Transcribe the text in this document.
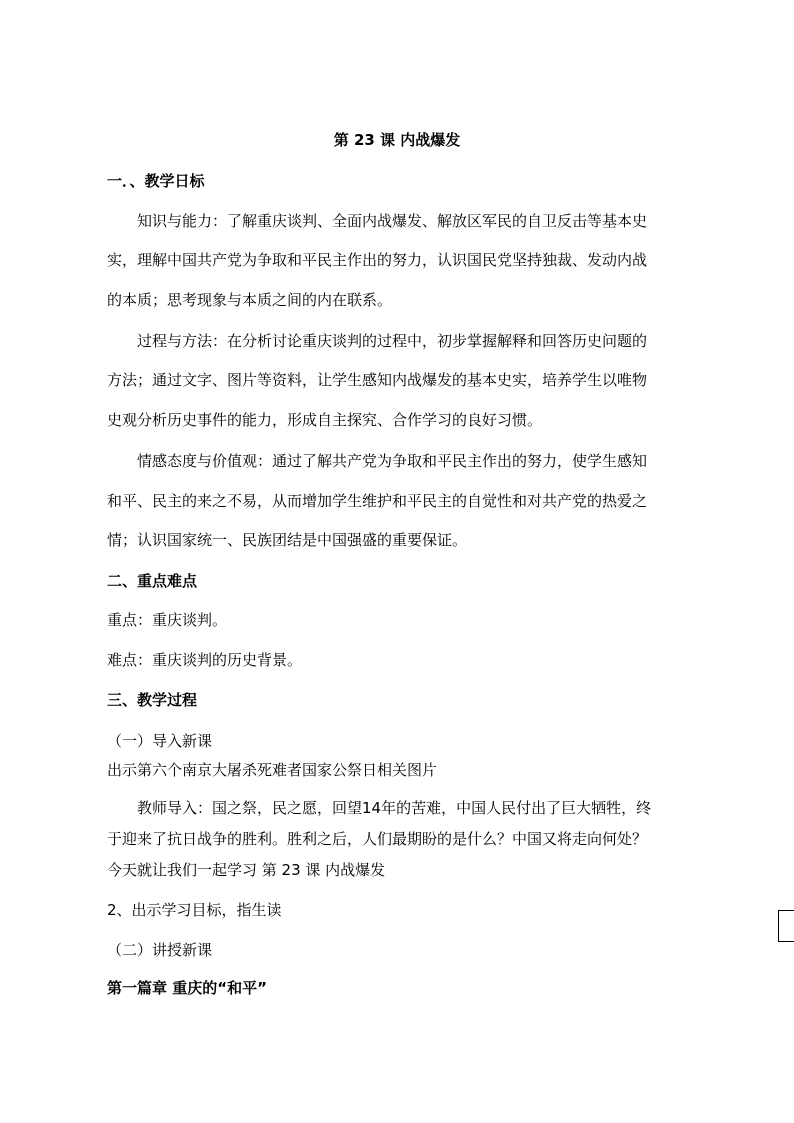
第 23 课 内战爆发
一．、教学日标
知识与能力：了解重庆谈判、全面内战爆发、解放区军民的自卫反击等基本史
实，理解中国共产党为争取和平民主作出的努力，认识国民党坚持独裁、发动内战
的本质；思考现象与本质之间的内在联系。
过程与方法：在分析讨论重庆谈判的过程中，初步掌握解释和回答历史问题的
方法；通过文字、图片等资料，让学生感知内战爆发的基本史实，培养学生以唯物
史观分析历史事件的能力，形成自主探究、合作学习的良好习惯。
情感态度与价值观：通过了解共产党为争取和平民主作出的努力，使学生感知
和平、民主的来之不易，从而增加学生维护和平民主的自觉性和对共产党的热爱之
情；认识国家统一、民族团结是中国强盛的重要保证。
二、重点难点
重点：重庆谈判。
难点：重庆谈判的历史背景。
三、教学过程
（一）导入新课
出示第六个南京大屠杀死难者国家公祭日相关图片
教师导入：国之祭，民之愿，回望14年的苦难，中国人民付出了巨大牺牲，终
于迎来了抗日战争的胜利。胜利之后，人们最期盼的是什么？中国又将走向何处？
今天就让我们一起学习 第 23 课 内战爆发
2、出示学习目标，指生读
（二）讲授新课
第一篇章 重庆的“和平”
